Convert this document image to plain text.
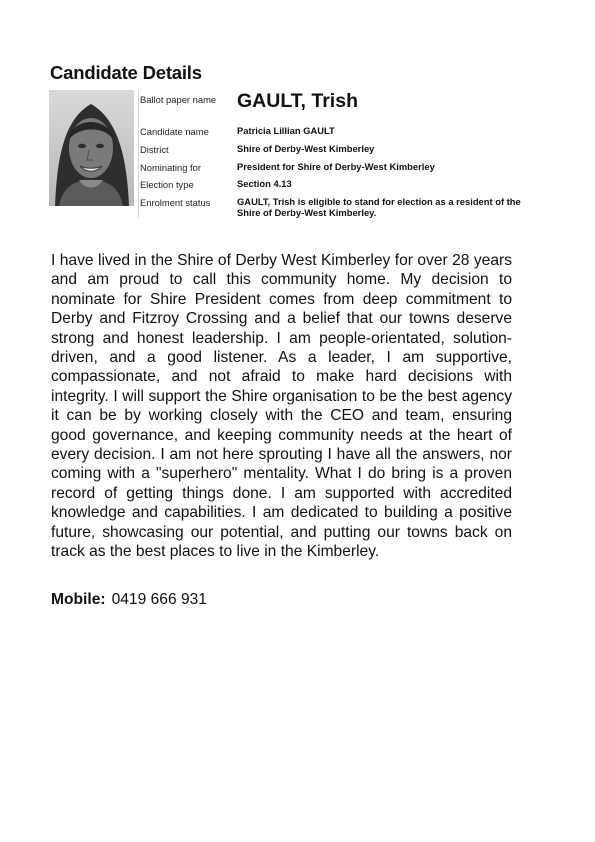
Candidate Details
Ballot paper name	GAULT, Trish
Candidate name	Patricia Lillian GAULT
District	Shire of Derby-West Kimberley
Nominating for	President for Shire of Derby-West Kimberley
Election type	Section 4.13
Enrolment status	GAULT, Trish is eligible to stand for election as a resident of the Shire of Derby-West Kimberley.

I have lived in the Shire of Derby West Kimberley for over 28 years and am proud to call this community home. My decision to nominate for Shire President comes from deep commitment to Derby and Fitzroy Crossing and a belief that our towns deserve strong and honest leadership. I am people-orientated, solution-driven, and a good listener. As a leader, I am supportive, compassionate, and not afraid to make hard decisions with integrity. I will support the Shire organisation to be the best agency it can be by working closely with the CEO and team, ensuring good governance, and keeping community needs at the heart of every decision. I am not here sprouting I have all the answers, nor coming with a "superhero" mentality. What I do bring is a proven record of getting things done. I am supported with accredited knowledge and capabilities. I am dedicated to building a positive future, showcasing our potential, and putting our towns back on track as the best places to live in the Kimberley.

Mobile: 0419 666 931
